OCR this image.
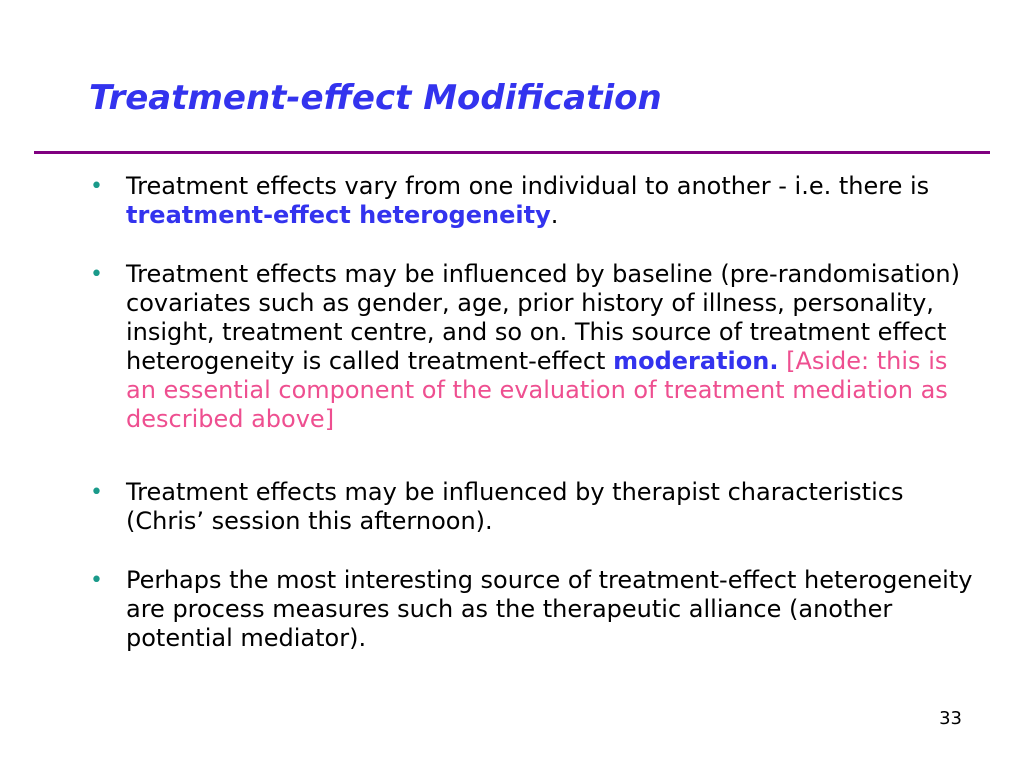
Treatment-effect Modification
• Treatment effects vary from one individual to another - i.e. there is treatment-effect heterogeneity.
• Treatment effects may be influenced by baseline (pre-randomisation) covariates such as gender, age, prior history of illness, personality, insight, treatment centre, and so on. This source of treatment effect heterogeneity is called treatment-effect moderation. [Aside: this is an essential component of the evaluation of treatment mediation as described above]
• Treatment effects may be influenced by therapist characteristics (Chris’ session this afternoon).
• Perhaps the most interesting source of treatment-effect heterogeneity are process measures such as the therapeutic alliance (another potential mediator).
33
